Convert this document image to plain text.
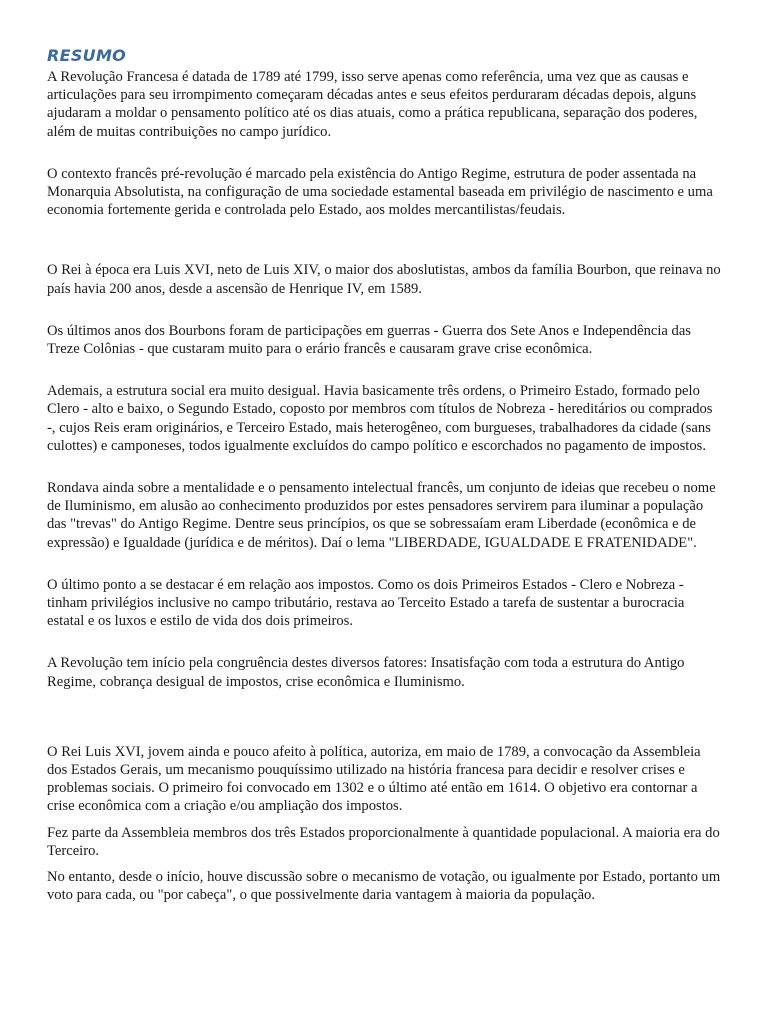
RESUMO

A Revolução Francesa é datada de 1789 até 1799, isso serve apenas como referência, uma vez que as causas e articulações para seu irrompimento começaram décadas antes e seus efeitos perduraram décadas depois, alguns ajudaram a moldar o pensamento político até os dias atuais, como a prática republicana, separação dos poderes, além de muitas contribuições no campo jurídico.

O contexto francês pré-revolução é marcado pela existência do Antigo Regime, estrutura de poder assentada na Monarquia Absolutista, na configuração de uma sociedade estamental baseada em privilégio de nascimento e uma economia fortemente gerida e controlada pelo Estado, aos moldes mercantilistas/feudais.

O Rei à época era Luis XVI, neto de Luis XIV, o maior dos aboslutistas, ambos da família Bourbon, que reinava no país havia 200 anos, desde a ascensão de Henrique IV, em 1589.

Os últimos anos dos Bourbons foram de participações em guerras - Guerra dos Sete Anos e Independência das Treze Colônias - que custaram muito para o erário francês e causaram grave crise econômica.

Ademais, a estrutura social era muito desigual. Havia basicamente três ordens, o Primeiro Estado, formado pelo Clero - alto e baixo, o Segundo Estado, coposto por membros com títulos de Nobreza - hereditários ou comprados -, cujos Reis eram originários, e Terceiro Estado, mais heterogêneo, com burgueses, trabalhadores da cidade (sans culottes) e camponeses, todos igualmente excluídos do campo político e escorchados no pagamento de impostos.

Rondava ainda sobre a mentalidade e o pensamento intelectual francês, um conjunto de ideias que recebeu o nome de Iluminismo, em alusão ao conhecimento produzidos por estes pensadores servirem para iluminar a população das "trevas" do Antigo Regime. Dentre seus princípios, os que se sobressaíam eram Liberdade (econômica e de expressão) e Igualdade (jurídica e de méritos). Daí o lema "LIBERDADE, IGUALDADE E FRATENIDADE".

O último ponto a se destacar é em relação aos impostos. Como os dois Primeiros Estados - Clero e Nobreza - tinham privilégios inclusive no campo tributário, restava ao Terceito Estado a tarefa de sustentar a burocracia estatal e os luxos e estilo de vida dos dois primeiros.

A Revolução tem início pela congruência destes diversos fatores: Insatisfação com toda a estrutura do Antigo Regime, cobrança desigual de impostos, crise econômica e Iluminismo.

O Rei Luis XVI, jovem ainda e pouco afeito à política, autoriza, em maio de 1789, a convocação da Assembleia dos Estados Gerais, um mecanismo pouquíssimo utilizado na história francesa para decidir e resolver crises e problemas sociais. O primeiro foi convocado em 1302 e o último até então em 1614. O objetivo era contornar a crise econômica com a criação e/ou ampliação dos impostos.

Fez parte da Assembleia membros dos três Estados proporcionalmente à quantidade populacional. A maioria era do Terceiro.

No entanto, desde o início, houve discussão sobre o mecanismo de votação, ou igualmente por Estado, portanto um voto para cada, ou "por cabeça", o que possivelmente daria vantagem à maioria da população.
